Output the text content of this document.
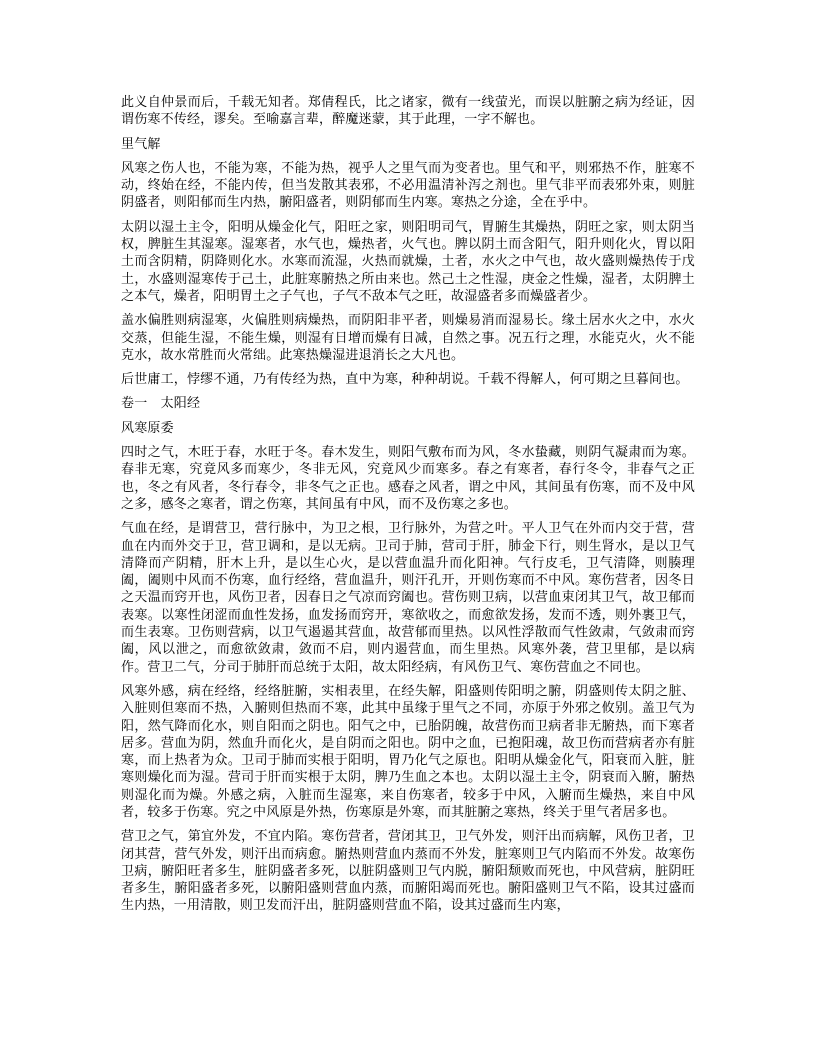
此义自仲景而后，千载无知者。郑倩程氏，比之诸家，微有一线萤光，而误以脏腑之病为经证，因谓伤寒不传经，谬矣。至喻嘉言辈，醉魔迷蒙，其于此理，一字不解也。

里气解

风寒之伤人也，不能为寒，不能为热，视乎人之里气而为变者也。里气和平，则邪热不作，脏寒不动，终始在经，不能内传，但当发散其表邪，不必用温清补泻之剂也。里气非平而表邪外束，则脏阴盛者，则阳郁而生内热，腑阳盛者，则阴郁而生内寒。寒热之分途，全在乎中。

太阴以湿土主令，阳明从燥金化气，阳旺之家，则阳明司气，胃腑生其燥热，阴旺之家，则太阴当权，脾脏生其湿寒。湿寒者，水气也，燥热者，火气也。脾以阴土而含阳气，阳升则化火，胃以阳土而含阴精，阴降则化水。水寒而流湿，火热而就燥，土者，水火之中气也，故火盛则燥热传于戊土，水盛则湿寒传于己土，此脏寒腑热之所由来也。然己土之性湿，庚金之性燥，湿者，太阴脾土之本气，燥者，阳明胃土之子气也，子气不敌本气之旺，故湿盛者多而燥盛者少。

盖水偏胜则病湿寒，火偏胜则病燥热，而阴阳非平者，则燥易消而湿易长。缘土居水火之中，水火交蒸，但能生湿，不能生燥，则湿有日增而燥有日减，自然之事。况五行之理，水能克火，火不能克水，故水常胜而火常绌。此寒热燥湿进退消长之大凡也。

后世庸工，悖缪不通，乃有传经为热，直中为寒，种种胡说。千载不得解人，何可期之旦暮间也。

卷一　太阳经

风寒原委

四时之气，木旺于春，水旺于冬。春木发生，则阳气敷布而为风，冬水蛰藏，则阴气凝肃而为寒。春非无寒，究竟风多而寒少，冬非无风，究竟风少而寒多。春之有寒者，春行冬令，非春气之正也，冬之有风者，冬行春令，非冬气之正也。感春之风者，谓之中风，其间虽有伤寒，而不及中风之多，感冬之寒者，谓之伤寒，其间虽有中风，而不及伤寒之多也。

气血在经，是谓营卫，营行脉中，为卫之根，卫行脉外，为营之叶。平人卫气在外而内交于营，营血在内而外交于卫，营卫调和，是以无病。卫司于肺，营司于肝，肺金下行，则生肾水，是以卫气清降而产阴精，肝木上升，是以生心火，是以营血温升而化阳神。气行皮毛，卫气清降，则腠理阖，阖则中风而不伤寒，血行经络，营血温升，则汗孔开，开则伤寒而不中风。寒伤营者，因冬日之天温而窍开也，风伤卫者，因春日之气凉而窍阖也。营伤则卫病，以营血束闭其卫气，故卫郁而表寒。以寒性闭涩而血性发扬，血发扬而窍开，寒欲收之，而愈欲发扬，发而不透，则外裹卫气，而生表寒。卫伤则营病，以卫气遏遏其营血，故营郁而里热。以风性浮散而气性敛肃，气敛肃而窍阖，风以泄之，而愈欲敛肃，敛而不启，则内遏营血，而生里热。风寒外袭，营卫里郁，是以病作。营卫二气，分司于肺肝而总统于太阳，故太阳经病，有风伤卫气、寒伤营血之不同也。

风寒外感，病在经络，经络脏腑，实相表里，在经失解，阳盛则传阳明之腑，阴盛则传太阴之脏、入脏则但寒而不热，入腑则但热而不寒，此其中虽缘于里气之不同，亦原于外邪之攸别。盖卫气为阳，然气降而化水，则自阳而之阴也。阳气之中，已胎阴魄，故营伤而卫病者非无腑热，而下寒者居多。营血为阴，然血升而化火，是自阴而之阳也。阴中之血，已抱阳魂，故卫伤而营病者亦有脏寒，而上热者为众。卫司于肺而实根于阳明，胃乃化气之原也。阳明从燥金化气，阳衰而入脏，脏寒则燥化而为湿。营司于肝而实根于太阴，脾乃生血之本也。太阴以湿土主令，阴衰而入腑，腑热则湿化而为燥。外感之病，入脏而生湿寒，来自伤寒者，较多于中风，入腑而生燥热，来自中风者，较多于伤寒。究之中风原是外热，伤寒原是外寒，而其脏腑之寒热，终关于里气者居多也。

营卫之气，第宜外发，不宜内陷。寒伤营者，营闭其卫，卫气外发，则汗出而病解，风伤卫者，卫闭其营，营气外发，则汗出而病愈。腑热则营血内蒸而不外发，脏寒则卫气内陷而不外发。故寒伤卫病，腑阳旺者多生，脏阴盛者多死，以脏阴盛则卫气内脱，腑阳颓败而死也，中风营病，脏阴旺者多生，腑阳盛者多死，以腑阳盛则营血内蒸，而腑阳竭而死也。腑阳盛则卫气不陷，设其过盛而生内热，一用清散，则卫发而汗出，脏阴盛则营血不陷，设其过盛而生内寒，
